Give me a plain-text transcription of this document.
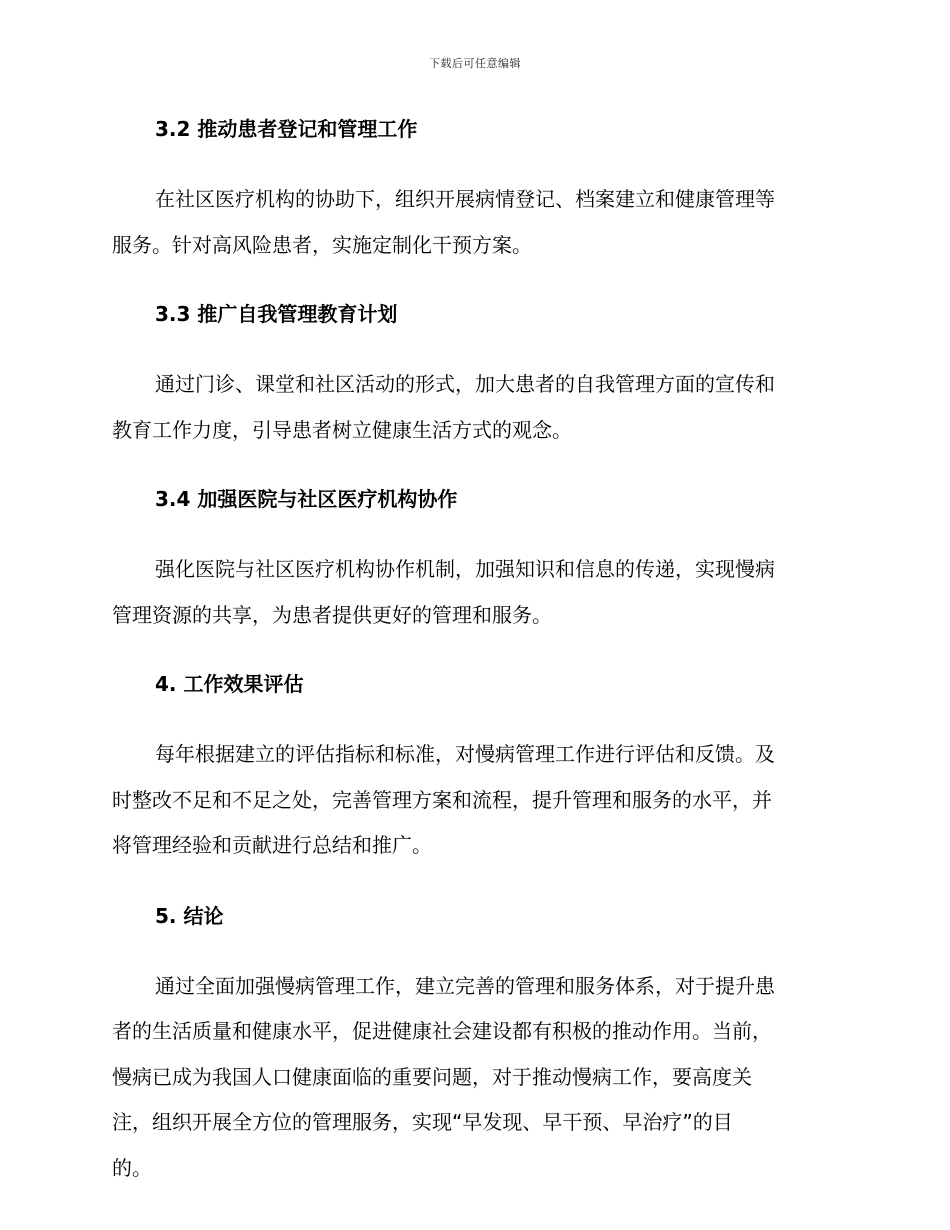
下载后可任意编辑
3.2 推动患者登记和管理工作

在社区医疗机构的协助下，组织开展病情登记、档案建立和健康管理等
服务。针对高风险患者，实施定制化干预方案。

3.3 推广自我管理教育计划

通过门诊、课堂和社区活动的形式，加大患者的自我管理方面的宣传和
教育工作力度，引导患者树立健康生活方式的观念。

3.4 加强医院与社区医疗机构协作

强化医院与社区医疗机构协作机制，加强知识和信息的传递，实现慢病
管理资源的共享，为患者提供更好的管理和服务。

4. 工作效果评估

每年根据建立的评估指标和标准，对慢病管理工作进行评估和反馈。及
时整改不足和不足之处，完善管理方案和流程，提升管理和服务的水平，并
将管理经验和贡献进行总结和推广。

5. 结论

通过全面加强慢病管理工作，建立完善的管理和服务体系，对于提升患
者的生活质量和健康水平，促进健康社会建设都有积极的推动作用。当前，
慢病已成为我国人口健康面临的重要问题，对于推动慢病工作，要高度关
注，组织开展全方位的管理服务，实现“早发现、早干预、早治疗”的目
的。
